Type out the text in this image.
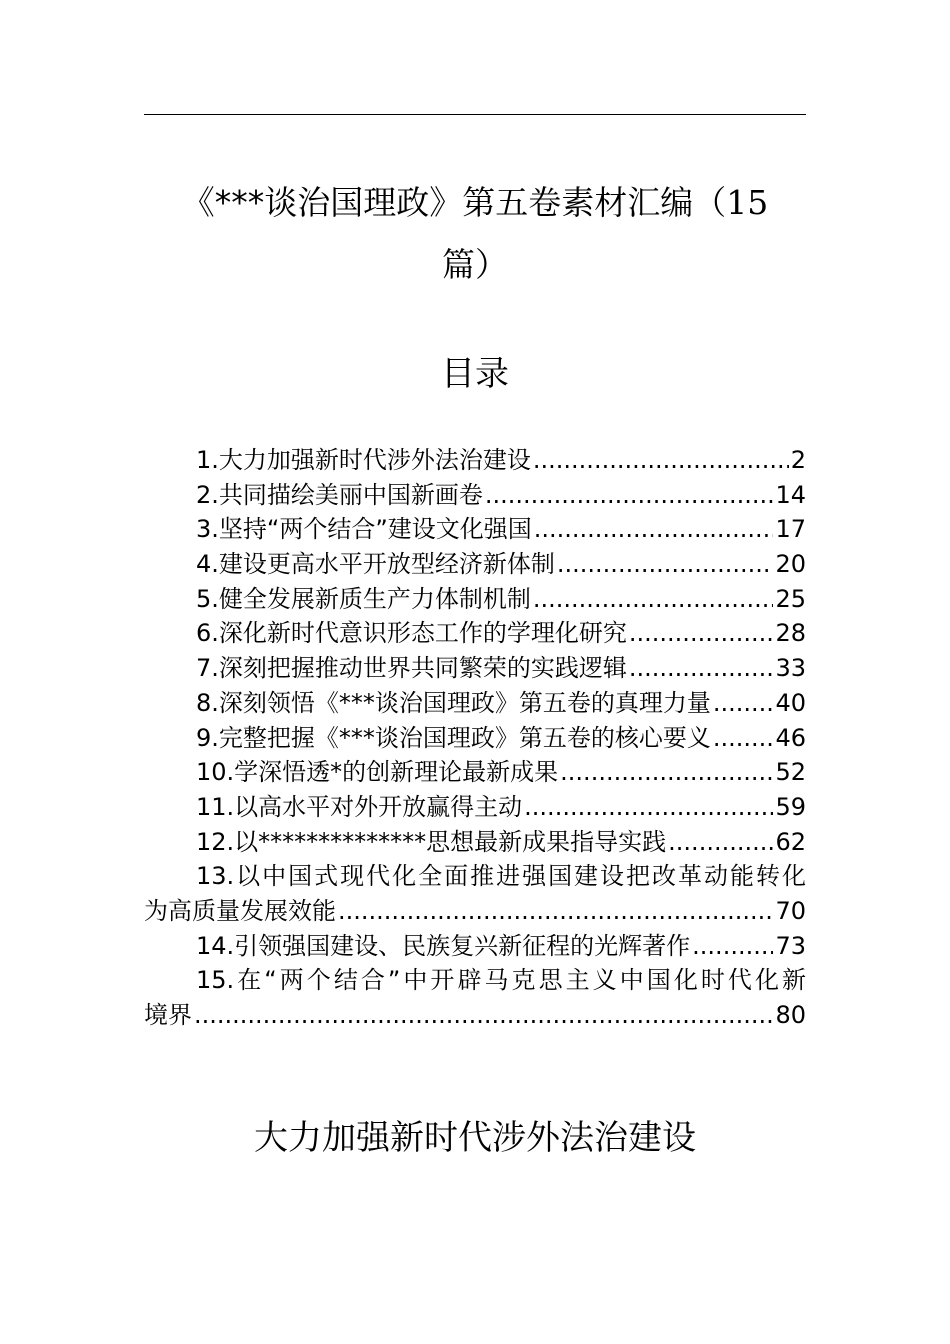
《***谈治国理政》第五卷素材汇编（15
篇）
目录
1.大力加强新时代涉外法治建设 .....	2
2.共同描绘美丽中国新画卷 .....	14
3.坚持“两个结合”建设文化强国 .....	17
4.建设更高水平开放型经济新体制 .....	20
5.健全发展新质生产力体制机制 .....	25
6.深化新时代意识形态工作的学理化研究 .....	28
7.深刻把握推动世界共同繁荣的实践逻辑 .....	33
8.深刻领悟《***谈治国理政》第五卷的真理力量 .....	40
9.完整把握《***谈治国理政》第五卷的核心要义 .....	46
10.学深悟透*的创新理论最新成果 .....	52
11.以高水平对外开放赢得主动 .....	59
12.以**************思想最新成果指导实践 .....	62
13.以中国式现代化全面推进强国建设把改革动能转化
为高质量发展效能 .....	70
14.引领强国建设、民族复兴新征程的光辉著作 .....	73
15.在“两个结合”中开辟马克思主义中国化时代化新
境界 .....	80
大力加强新时代涉外法治建设
